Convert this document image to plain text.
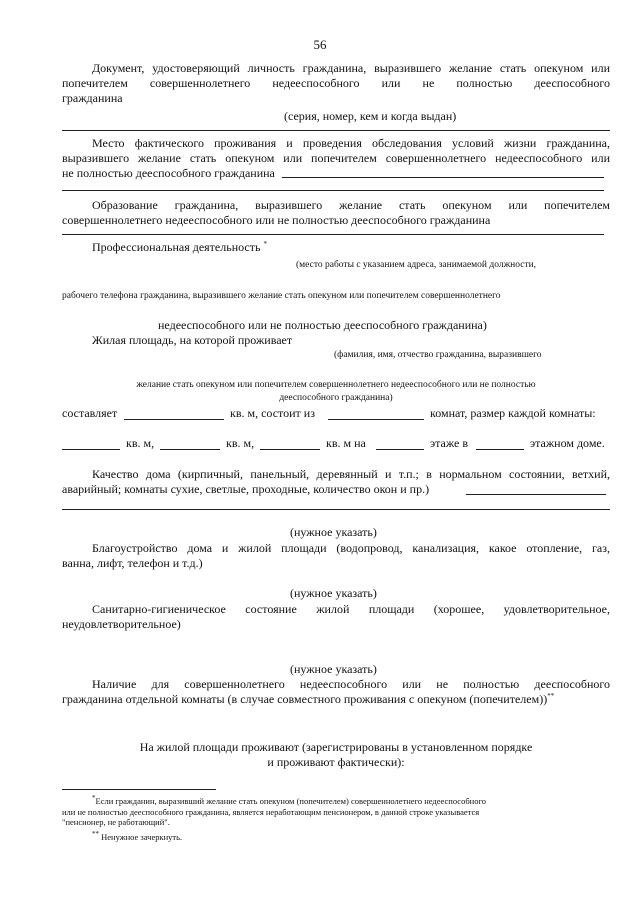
56
Документ, удостоверяющий личность гражданина, выразившего желание стать опекуном или попечителем совершеннолетнего недееспособного или не полностью дееспособного
гражданина
(серия, номер, кем и когда выдан)
Место фактического проживания и проведения обследования условий жизни гражданина, выразившего желание стать опекуном или попечителем совершеннолетнего недееспособного или
не полностью дееспособного гражданина
Образование гражданина, выразившего желание стать опекуном или попечителем
совершеннолетнего недееспособного или не полностью дееспособного гражданина
Профессиональная деятельность *
(место работы с указанием адреса, занимаемой должности,
рабочего телефона гражданина, выразившего желание стать опекуном или попечителем совершеннолетнего
недееспособного или не полностью дееспособного гражданина)
Жилая площадь, на которой проживает
(фамилия, имя, отчество гражданина, выразившего
желание стать опекуном или попечителем совершеннолетнего недееспособного или не полностью
дееспособного гражданина)
составляет	кв. м, состоит из	комнат, размер каждой комнаты:
кв. м,	кв. м,	кв. м на	этаже в	этажном доме.
Качество дома (кирпичный, панельный, деревянный и т.п.; в нормальном состоянии, ветхий,
аварийный; комнаты сухие, светлые, проходные, количество окон и пр.)
(нужное указать)
Благоустройство дома и жилой площади (водопровод, канализация, какое отопление, газ,
ванна, лифт, телефон и т.д.)
(нужное указать)
Санитарно-гигиеническое состояние жилой площади (хорошее, удовлетворительное,
неудовлетворительное)
(нужное указать)
Наличие для совершеннолетнего недееспособного или не полностью дееспособного
гражданина отдельной комнаты (в случае совместного проживания с опекуном (попечителем))**
На жилой площади проживают (зарегистрированы в установленном порядке
и проживают фактически):
*Если гражданин, выразивший желание стать опекуном (попечителем) совершеннолетнего недееспособного
или не полностью дееспособного гражданина, является неработающим пенсионером, в данной строке указывается
"пенсионер, не работающий".
** Ненужное зачеркнуть.
